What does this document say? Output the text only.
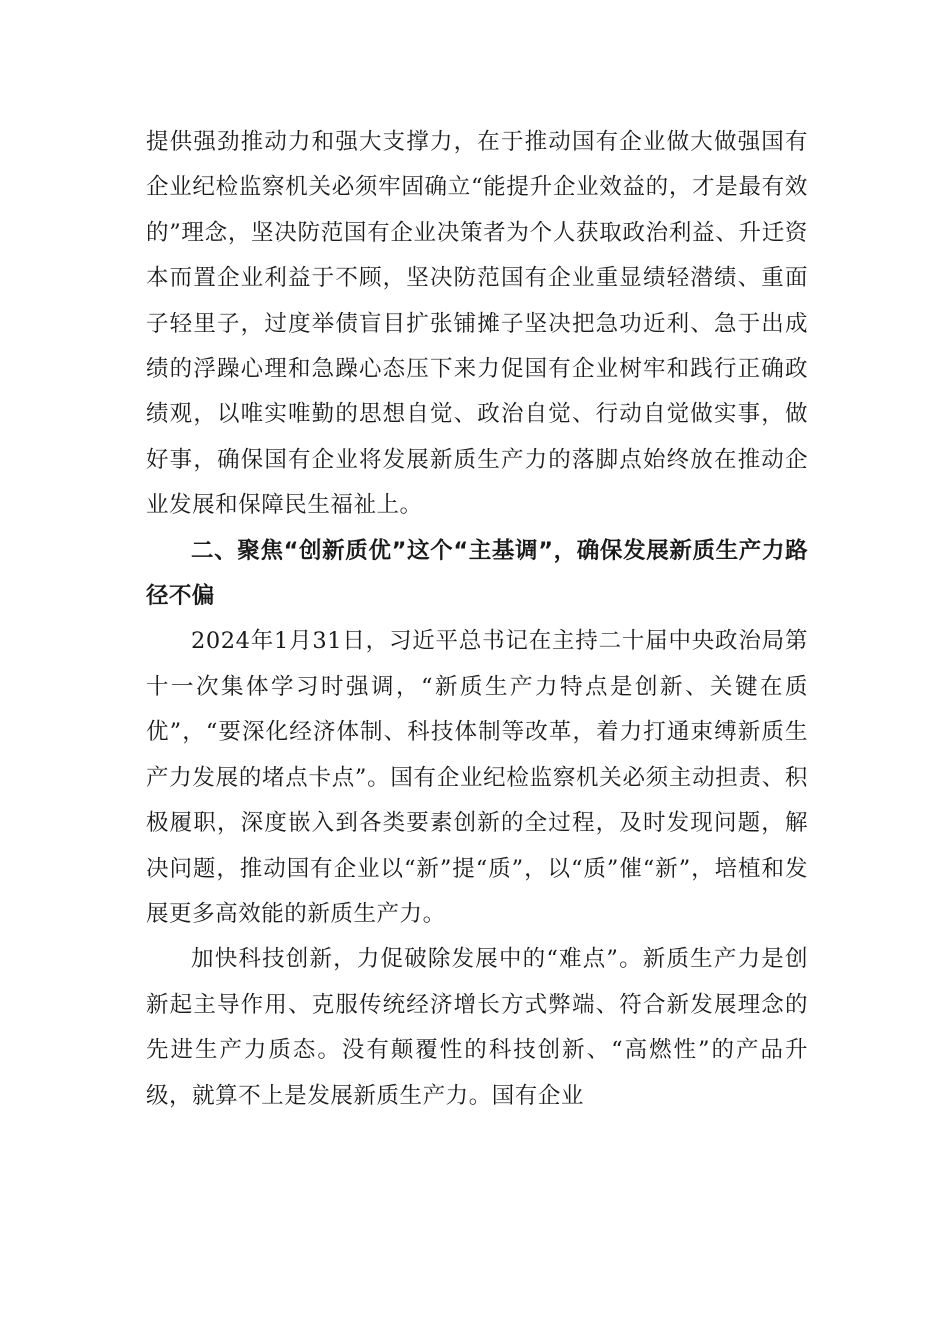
提供强劲推动力和强大支撑力，在于推动国有企业做大做强国有企业纪检监察机关必须牢固确立“能提升企业效益的，才是最有效的”理念，坚决防范国有企业决策者为个人获取政治利益、升迁资本而置企业利益于不顾，坚决防范国有企业重显绩轻潜绩、重面子轻里子，过度举债盲目扩张铺摊子坚决把急功近利、急于出成绩的浮躁心理和急躁心态压下来力促国有企业树牢和践行正确政绩观，以唯实唯勤的思想自觉、政治自觉、行动自觉做实事，做好事，确保国有企业将发展新质生产力的落脚点始终放在推动企业发展和保障民生福祉上。

二、聚焦“创新质优”这个“主基调”，确保发展新质生产力路径不偏

2024年1月31日，习近平总书记在主持二十届中央政治局第十一次集体学习时强调，“新质生产力特点是创新、关键在质优”，“要深化经济体制、科技体制等改革，着力打通束缚新质生产力发展的堵点卡点”。国有企业纪检监察机关必须主动担责、积极履职，深度嵌入到各类要素创新的全过程，及时发现问题，解决问题，推动国有企业以“新”提“质”，以“质”催“新”，培植和发展更多高效能的新质生产力。

加快科技创新，力促破除发展中的“难点”。新质生产力是创新起主导作用、克服传统经济增长方式弊端、符合新发展理念的先进生产力质态。没有颠覆性的科技创新、“高燃性”的产品升级，就算不上是发展新质生产力。国有企业
